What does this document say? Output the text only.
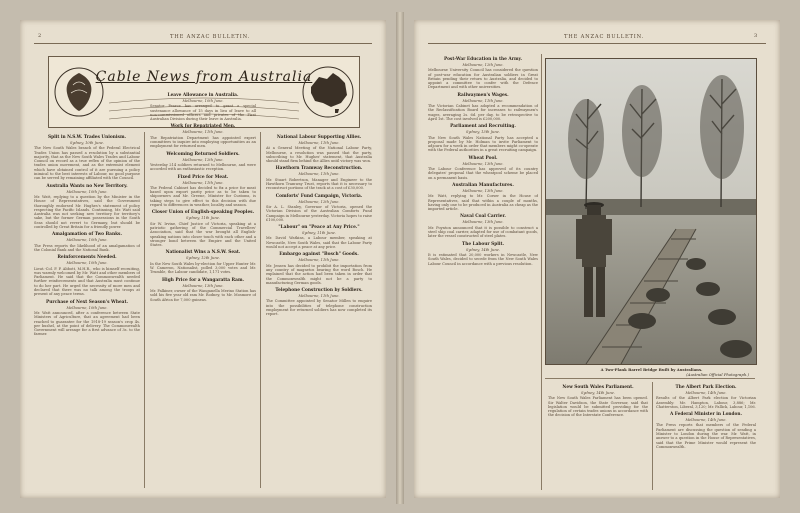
2	THE ANZAC BULLETIN.
Cable News from Australia
Split in N.S.W. Trades Unionism.
Sydney, 10th June.
The New South Wales branch of the Federal Electrical Trades Union has passed a resolution by a substantial majority, that as the New South Wales Trades and Labour Council on record as a true reflex of the opinion of the trades union movement, and as the extremist element which have obtained control of it are pursuing a policy inimical to the best interests of Labour, no good purpose can be served by remaining affiliated with the Council.
Australia Wants no New Territory.
Melbourne, 10th June.
Mr. Watt, replying to a question by the Minister in the House of Representatives, said the Government thoroughly endorsed Mr. Hughes's statement of policy respecting the Pacific Islands. Continuing, Mr. Watt said Australia was not seeking new territory for territory's sake, but the former German possessions in the South Seas should not revert to Germany, but should be controlled by Great Britain for a friendly power.
Amalgamation of Two Banks.
Melbourne, 10th June.
The Press reports the likelihood of an amalgamation of the Colonial Bank and the National Bank.
Reinforcements Needed.
Melbourne, 10th June.
Lieut.-Col. F. P. Abbott, M.H.R., who is himself recruiting, was warmly welcomed by Mr. Watt and other members of Parliament. He said that the Commonwealth needed further reinforcements and that Australia must continue to do her part. He urged the necessity of more men and declared that there was no talk among the troops at present of any peace terms.
Purchase of Next Season's Wheat.
Melbourne, 10th June.
Mr. Watt announced, after a conference between State Ministers of Agriculture, that an agreement had been reached to guarantee for the 1918-19 season's crop 4s. per bushel, at the point of delivery. The Commonwealth Government will arrange for a first advance of 3s. to the farmer.
Leave Allowance in Australia.
Melbourne, 10th June.
Senator Pearce has arranged to grant a special sustenance allowance of 15 days in lieu of leave to all non-commissioned officers and privates of the First Australian Division during their leave in Australia.
Work for Repatriated Men.
Melbourne, 11th June.
The Repatriation Department has appointed expert committees to inquire into employing opportunities as an employment for returned men.
Welcoming Returned Soldiers.
Melbourne, 12th June.
Yesterday 214 soldiers returned to Melbourne, and were accorded with an enthusiastic reception.
Fixed Price for Meat.
Melbourne, 11th June.
The Federal Cabinet has decided to fix a price for meat based upon export parity price as to be taken to shipowners and Mr. Greene, Minister for Customs, is taking steps to give effect to this decision with due regard to differences in weather, locality and season.
Closer Union of English-speaking Peoples.
Sydney, 11th June.
Sir W. Irvine, Chief Justice of Victoria, speaking at a patriotic gathering of the Commercial Travellers' Association, said that the war brought all English-speaking nations into closer touch with each other and a stronger bond between the Empire and the United States.
Nationalist Wins a N.S.W. Seat.
Sydney, 12th June.
In the New South Wales by-election for Upper Hunter Mr. W. Cameron, Nationalist, polled 3,000 votes and Mr. Trumble, the Labour candidate, 1,171 votes.
High Price for a Wangaratta Ram.
Melbourne, 13th June.
Mr. Falkiner, owner of the Wanganella Merino Station has sold his five year old ram Mr. Rodney, to Mr. Mosmore of South Africa for 7,000 guineas.
National Labour Supporting Allies.
Melbourne, 11th June.
At a General Meeting of the National Labour Party, Melbourne, a resolution was passed that the party, subscribing to Mr. Hughes' statement, that Australia should stand firm behind the Allies until victory was won.
Hawthorn Tramway Reconstruction.
Melbourne, 11th June.
Mr. Stuart Robertson, Manager and Engineer to the Hawthorn Tramway Trust, reports that it is necessary to reconstruct portions of the track at a cost of £30,000.
Comforts' Fund Campaign, Victoria.
Melbourne, 12th June.
Sir A. L. Stanley, Governor of Victoria, opened the Victorian Division of the Australian Comforts Fund Campaign in Melbourne yesterday. Victoria hopes to raise £100,000.
"Labour" on "Peace at Any Price."
Sydney, 11th June.
Mr. David Watkins, a Labour member, speaking at Newcastle, New South Wales, said that the Labour Party would not accept a peace at any price.
Embargo against "Bosch" Goods.
Melbourne, 11th June.
Mr. Jensen has decided to prohibit the importation from any country of magnetos bearing the word Bosch. He explained that the action had been taken in order that the Commonwealth might not be a party to manufacturing German goods.
Telephone Construction by Soldiers.
Melbourne, 11th June.
The Committee appointed by Senator Millen to enquire into the possibilities of telephone construction employment for returned soldiers has now completed its report.
THE ANZAC BULLETIN.	3
Post-War Education in the Army.
Melbourne, 12th June.
Melbourne University Council has considered the question of post-war education for Australian soldiers in Great Britain pending their return to Australia, and decided to appoint a committee to confer with the Defence Department and with other universities.
Railwaymen's Wages.
Melbourne, 11th June.
The Victorian Cabinet has adopted a recommendation of the Reclassification Board for increases to railwaymen's wages, averaging 2s. 6d. per day, to be retrospective to April 1st. The cost involved is £200,000.
Parliament and Recruiting.
Sydney, 13th June.
The New South Wales National Party has accepted a proposal made by Mr. Holman to invite Parliament to adjourn for a week in order that members might co-operate with the Federal authorities in a great recruiting campaign.
Wheat Pool.
Melbourne, 13th June.
The Labour Conference has approved of its country delegates' proposal that the wheatpool scheme be placed on a permanent basis.
Australian Manufactures.
Melbourne, 13th June.
Mr. Watt, replying to Mr. Corser in the House of Representatives, said that within a couple of months, having only one to be produced in Australia as cheap as the imported article.
Naval Coal Carrier.
Melbourne, 13th June.
Mr. Poynton announced that it is possible to construct a steel ship coal carrier, adapted for use of combatant goods, later the vessel constructed of steel plates.
The Labour Split.
Sydney, 14th June.
It is estimated that 20,000 workers in Newcastle, New South Wales, decided to secede from the New South Wales Labour Council in accordance with a previous resolution.
A Two-Plank Barrel Bridge Built by Australians.
(Australian Official Photograph.)
New South Wales Parliament.
Sydney, 14th June.
The New South Wales Parliament has been opened. Sir Walter Davidson, the State Governor, said that legislation would be submitted providing for the regulation of certain trades unions in accordance with the decision of the Interstate Conference.
The Albert Park Election.
Melbourne, 14th June.
Results of the Albert Park election for Victorian Assembly: Mr. Hampton, Labour, 3,886; Mr. Chatterston, Liberal, 3,120; Mr. Fallick, Labour, 1,106.
A Federal Minister in London.
Melbourne, 14th June.
The Press reports that members of the Federal Parliament are discussing the question of sending a Minister to London during the war. Mr. Watt, in answer to a question in the House of Representatives, said that the Prime Minister would represent the Commonwealth.
